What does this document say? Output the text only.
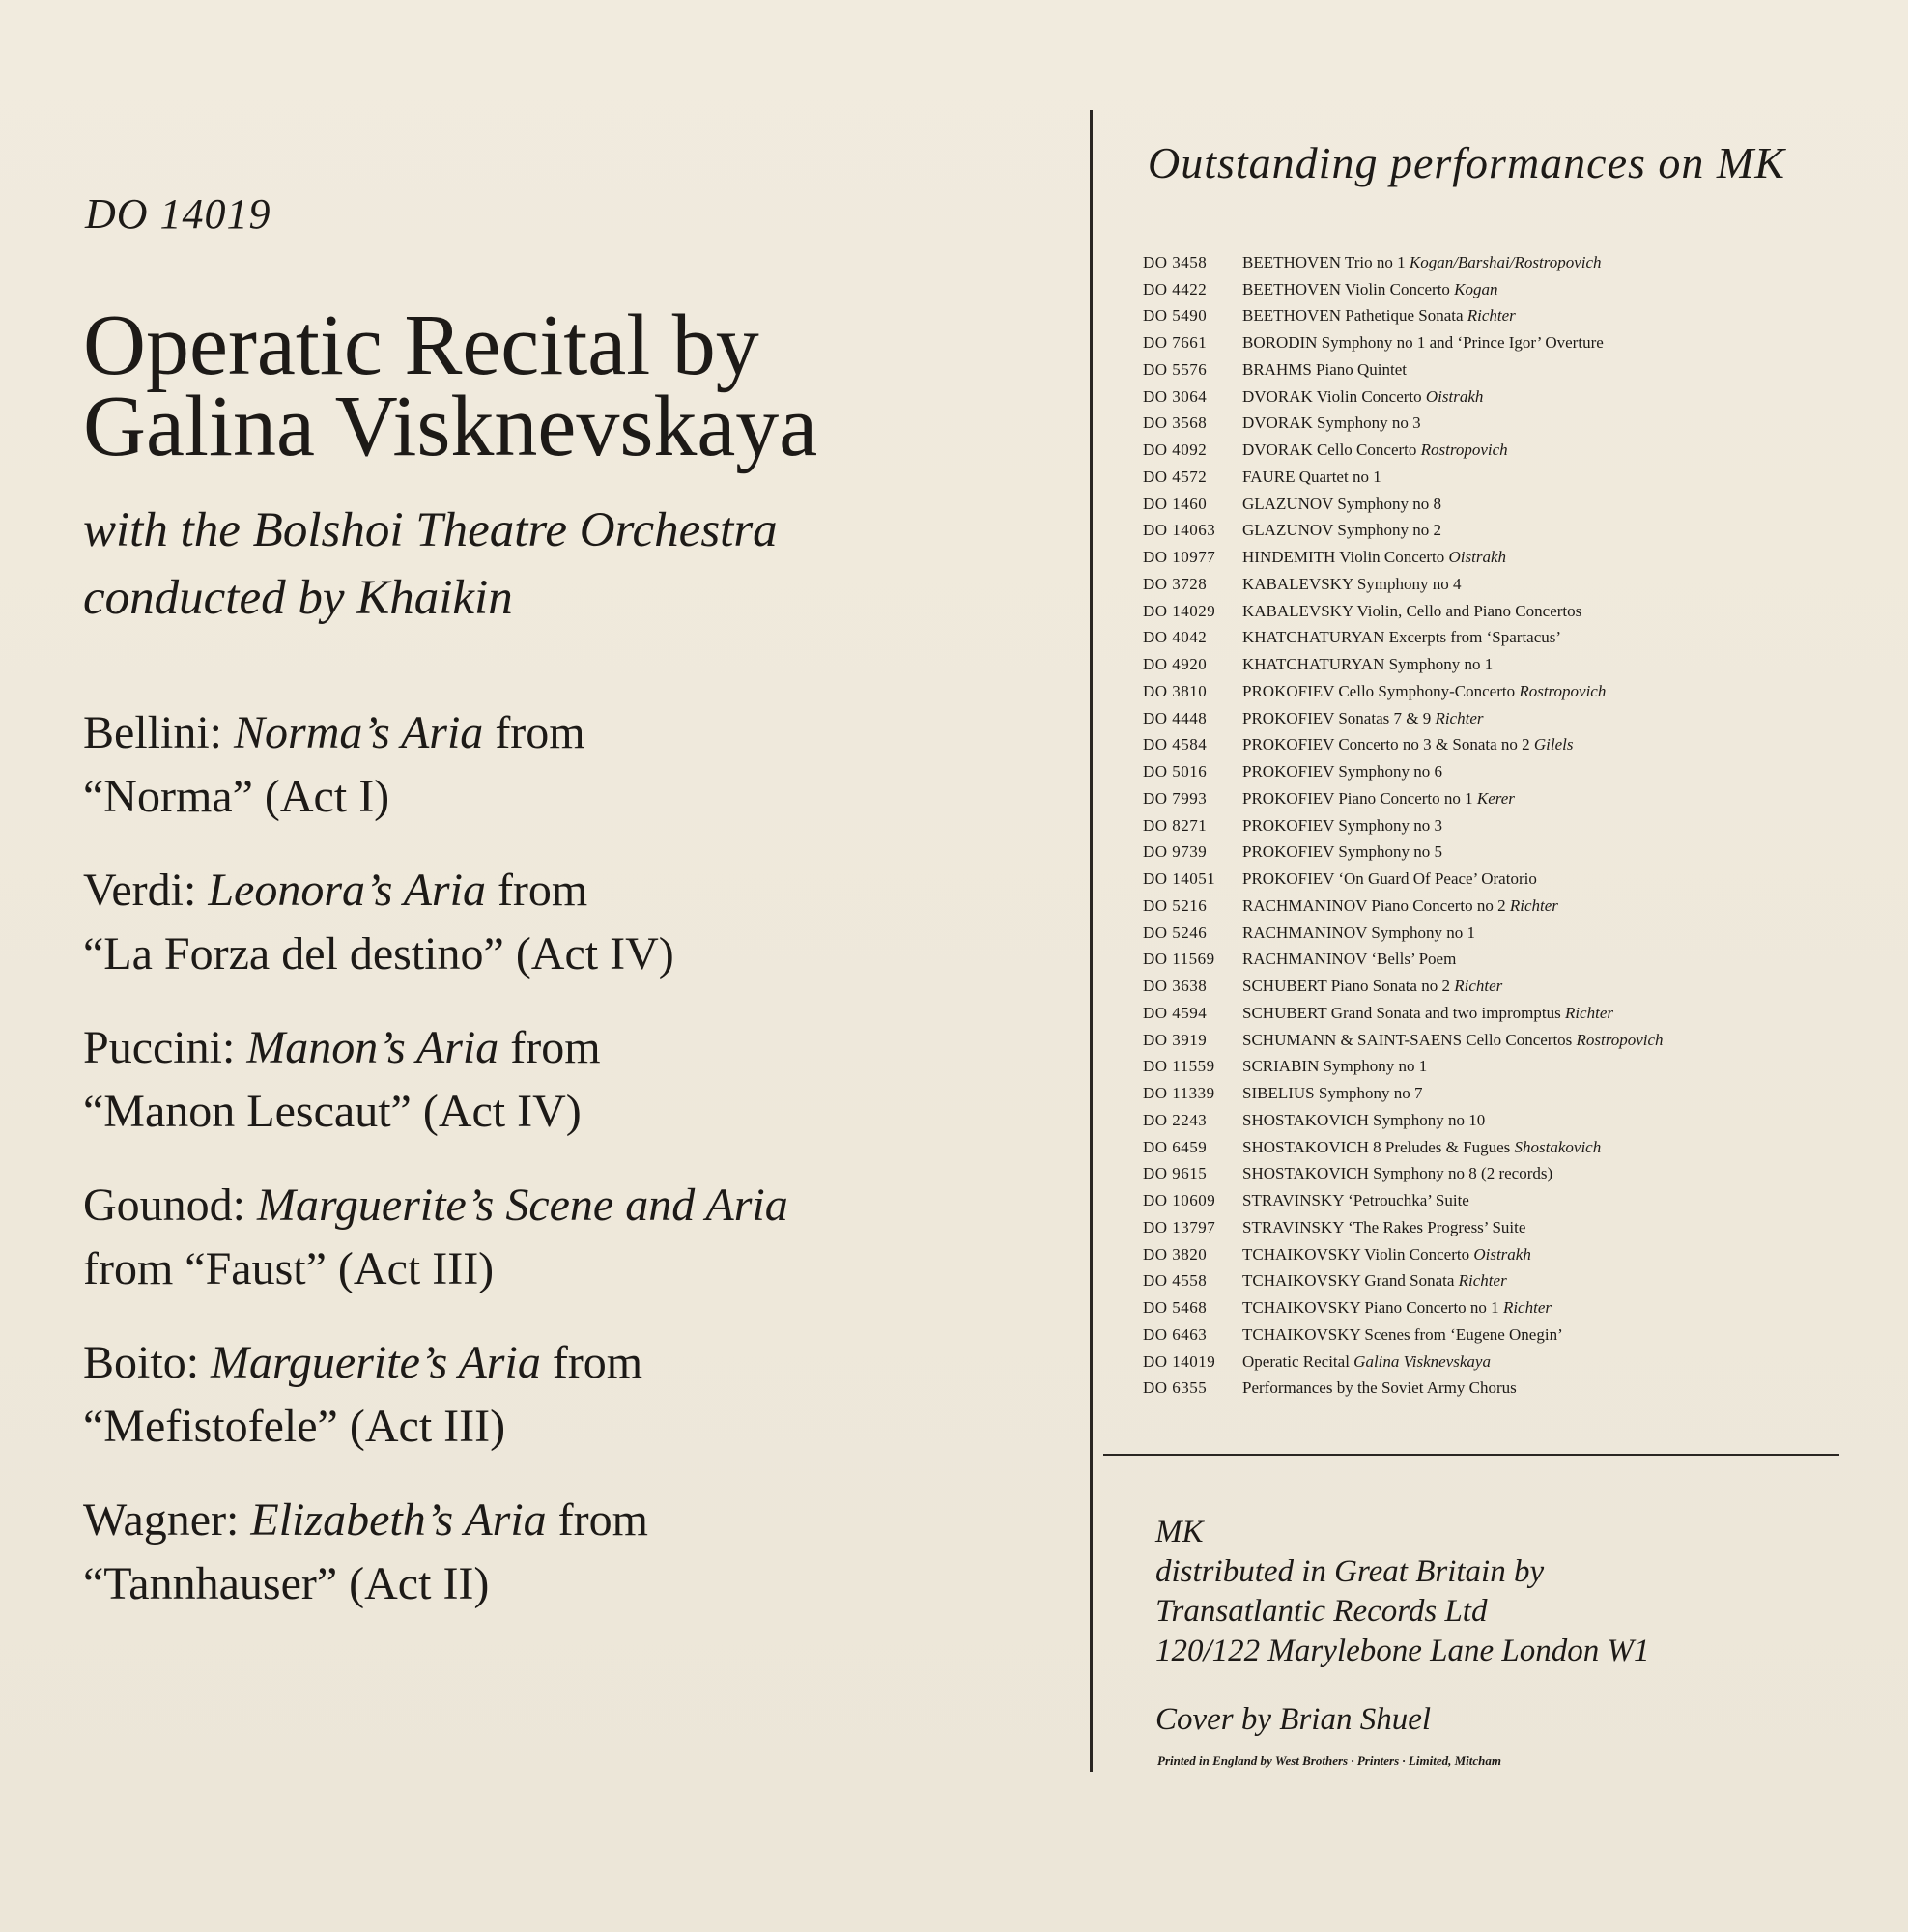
DO 14019
Operatic Recital by
Galina Visknevskaya
with the Bolshoi Theatre Orchestra
conducted by Khaikin

Bellini: Norma’s Aria from
“Norma” (Act I)

Verdi: Leonora’s Aria from
“La Forza del destino” (Act IV)

Puccini: Manon’s Aria from
“Manon Lescaut” (Act IV)

Gounod: Marguerite’s Scene and Aria
from “Faust” (Act III)

Boito: Marguerite’s Aria from
“Mefistofele” (Act III)

Wagner: Elizabeth’s Aria from
“Tannhauser” (Act II)

Outstanding performances on MK
DO 3458	BEETHOVEN Trio no 1 Kogan/Barshai/Rostropovich
DO 4422	BEETHOVEN Violin Concerto Kogan
DO 5490	BEETHOVEN Pathetique Sonata Richter
DO 7661	BORODIN Symphony no 1 and ‘Prince Igor’ Overture
DO 5576	BRAHMS Piano Quintet
DO 3064	DVORAK Violin Concerto Oistrakh
DO 3568	DVORAK Symphony no 3
DO 4092	DVORAK Cello Concerto Rostropovich
DO 4572	FAURE Quartet no 1
DO 1460	GLAZUNOV Symphony no 8
DO 14063	GLAZUNOV Symphony no 2
DO 10977	HINDEMITH Violin Concerto Oistrakh
DO 3728	KABALEVSKY Symphony no 4
DO 14029	KABALEVSKY Violin, Cello and Piano Concertos
DO 4042	KHATCHATURYAN Excerpts from ‘Spartacus’
DO 4920	KHATCHATURYAN Symphony no 1
DO 3810	PROKOFIEV Cello Symphony-Concerto Rostropovich
DO 4448	PROKOFIEV Sonatas 7 & 9 Richter
DO 4584	PROKOFIEV Concerto no 3 & Sonata no 2 Gilels
DO 5016	PROKOFIEV Symphony no 6
DO 7993	PROKOFIEV Piano Concerto no 1 Kerer
DO 8271	PROKOFIEV Symphony no 3
DO 9739	PROKOFIEV Symphony no 5
DO 14051	PROKOFIEV ‘On Guard Of Peace’ Oratorio
DO 5216	RACHMANINOV Piano Concerto no 2 Richter
DO 5246	RACHMANINOV Symphony no 1
DO 11569	RACHMANINOV ‘Bells’ Poem
DO 3638	SCHUBERT Piano Sonata no 2 Richter
DO 4594	SCHUBERT Grand Sonata and two impromptus Richter
DO 3919	SCHUMANN & SAINT-SAENS Cello Concertos Rostropovich
DO 11559	SCRIABIN Symphony no 1
DO 11339	SIBELIUS Symphony no 7
DO 2243	SHOSTAKOVICH Symphony no 10
DO 6459	SHOSTAKOVICH 8 Preludes & Fugues Shostakovich
DO 9615	SHOSTAKOVICH Symphony no 8 (2 records)
DO 10609	STRAVINSKY ‘Petrouchka’ Suite
DO 13797	STRAVINSKY ‘The Rakes Progress’ Suite
DO 3820	TCHAIKOVSKY Violin Concerto Oistrakh
DO 4558	TCHAIKOVSKY Grand Sonata Richter
DO 5468	TCHAIKOVSKY Piano Concerto no 1 Richter
DO 6463	TCHAIKOVSKY Scenes from ‘Eugene Onegin’
DO 14019	Operatic Recital Galina Visknevskaya
DO 6355	Performances by the Soviet Army Chorus
MK
distributed in Great Britain by
Transatlantic Records Ltd
120/122 Marylebone Lane London W1
Cover by Brian Shuel
Printed in England by West Brothers · Printers · Limited, Mitcham
